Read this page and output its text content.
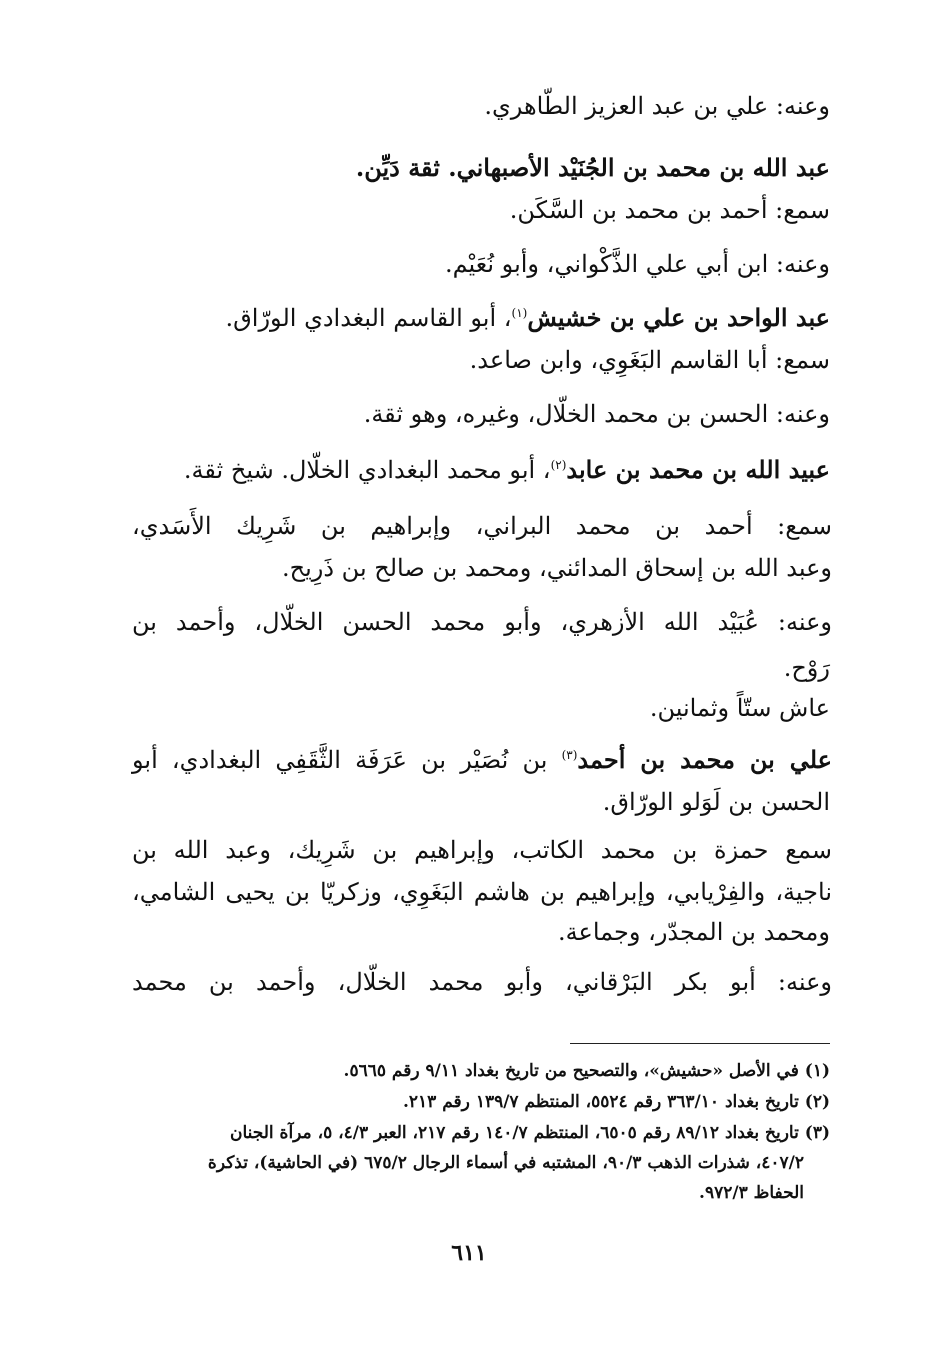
وعنه: علي بن عبد العزيز الطّاهري.
عبد الله بن محمد بن الجُنَيْد الأصبهاني. ثقة دَيِّن.
سمع: أحمد بن محمد بن السَّكَن.
وعنه: ابن أبي علي الذَّكْواني، وأبو نُعَيْم.
عبد الواحد بن علي بن خشيش$^{(١)}$، أبو القاسم البغدادي الورّاق.
سمع: أبا القاسم البَغَوِي، وابن صاعد.
وعنه: الحسن بن محمد الخلّال، وغيره، وهو ثقة.
عبيد الله بن محمد بن عابد$^{(٢)}$، أبو محمد البغدادي الخلّال. شيخ ثقة.
سمع: أحمد بن محمد البراني، وإبراهيم بن شَرِيك الأَسَدي،
وعبد الله بن إسحاق المدائني، ومحمد بن صالح بن ذَرِيح.
وعنه: عُبَيْد الله الأزهري، وأبو محمد الحسن الخلّال، وأحمد بن
رَوْح.
عاش ستّاً وثمانين.
علي بن محمد بن أحمد$^{(٣)}$ بن نُصَيْر بن عَرَفَة الثَّقَفِي البغدادي، أبو
الحسن بن لَوَلو الورّاق.
سمع حمزة بن محمد الكاتب، وإبراهيم بن شَرِيك، وعبد الله بن
ناجية، والفِرْيابي، وإبراهيم بن هاشم البَغَوِي، وزكريّا بن يحيى الشامي،
ومحمد بن المجدّر، وجماعة.
وعنه: أبو بكر البَرْقاني، وأبو محمد الخلّال، وأحمد بن محمد
(١) في الأصل «حشيش»، والتصحيح من تاريخ بغداد ٩/١١ رقم ٥٦٦٥.
(٢) تاريخ بغداد ٣٦٣/١٠ رقم ٥٥٢٤، المنتظم ١٣٩/٧ رقم ٢١٣.
(٣) تاريخ بغداد ٨٩/١٢ رقم ٦٥٠٥، المنتظم ١٤٠/٧ رقم ٢١٧، العبر ٤/٣، ٥، مرآة الجنان
٤٠٧/٢، شذرات الذهب ٩٠/٣، المشتبه في أسماء الرجال ٦٧٥/٢ (في الحاشية)، تذكرة
الحفاظ ٩٧٢/٣.
٦١١
